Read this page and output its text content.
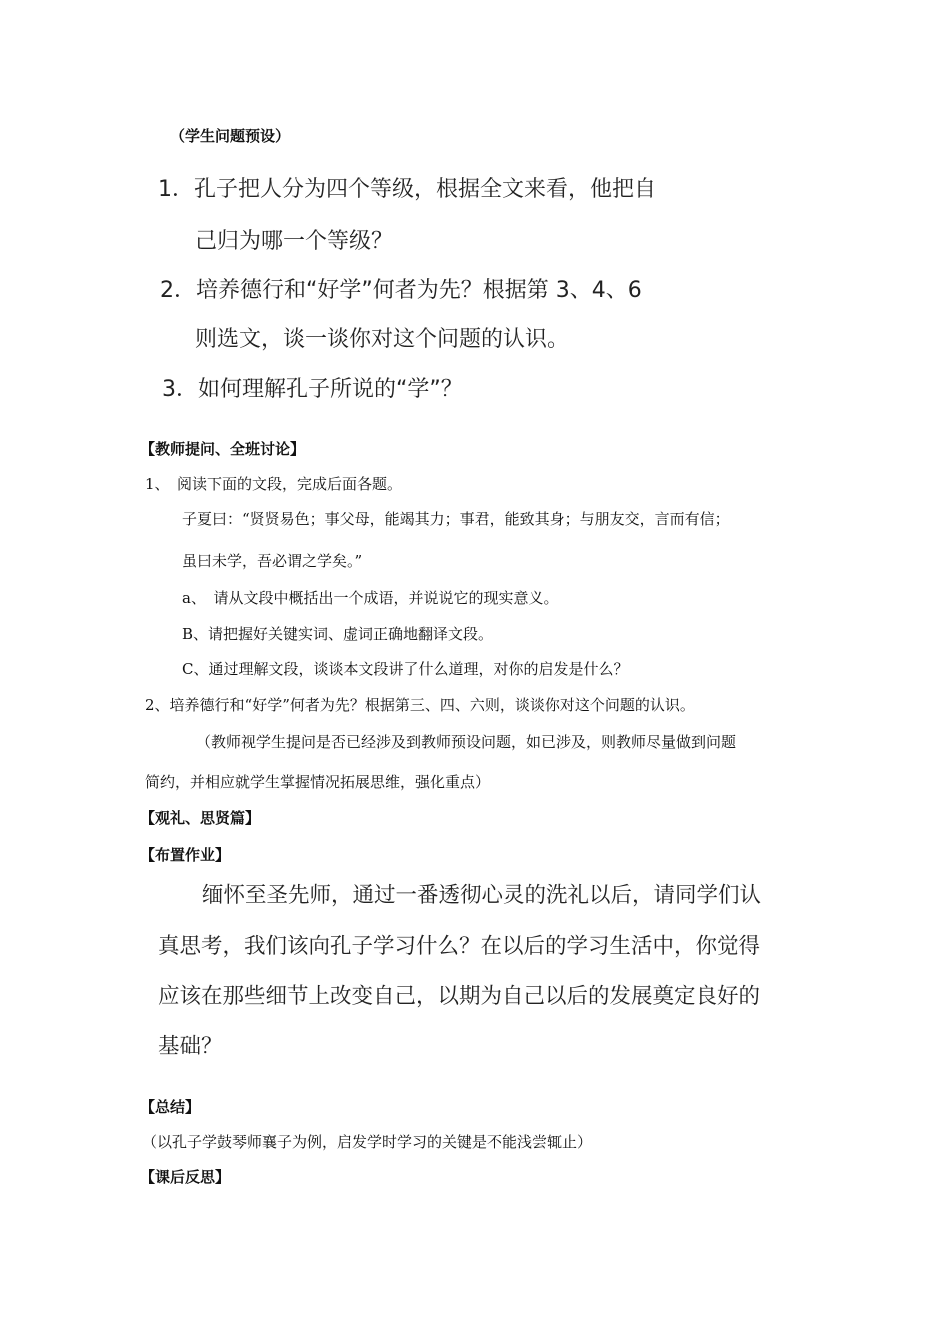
（学生问题预设）
1．孔子把人分为四个等级，根据全文来看，他把自
己归为哪一个等级？
2．培养德行和“好学”何者为先？根据第 3、4、6
则选文，谈一谈你对这个问题的认识。
3．如何理解孔子所说的“学”？
【教师提问、全班讨论】
1、　阅读下面的文段，完成后面各题。
子夏曰：“贤贤易色；事父母，能竭其力；事君，能致其身；与朋友交，言而有信；
虽曰未学，吾必谓之学矣。”
a、　请从文段中概括出一个成语，并说说它的现实意义。
B、请把握好关键实词、虚词正确地翻译文段。
C、通过理解文段，谈谈本文段讲了什么道理，对你的启发是什么？
2、培养德行和“好学”何者为先？根据第三、四、六则，谈谈你对这个问题的认识。
（教师视学生提问是否已经涉及到教师预设问题，如已涉及，则教师尽量做到问题
简约，并相应就学生掌握情况拓展思维，强化重点）
【观礼、思贤篇】
【布置作业】
缅怀至圣先师，通过一番透彻心灵的洗礼以后，请同学们认
真思考，我们该向孔子学习什么？在以后的学习生活中，你觉得
应该在那些细节上改变自己，以期为自己以后的发展奠定良好的
基础？
【总结】
（以孔子学鼓琴师襄子为例，启发学时学习的关键是不能浅尝辄止）
【课后反思】
